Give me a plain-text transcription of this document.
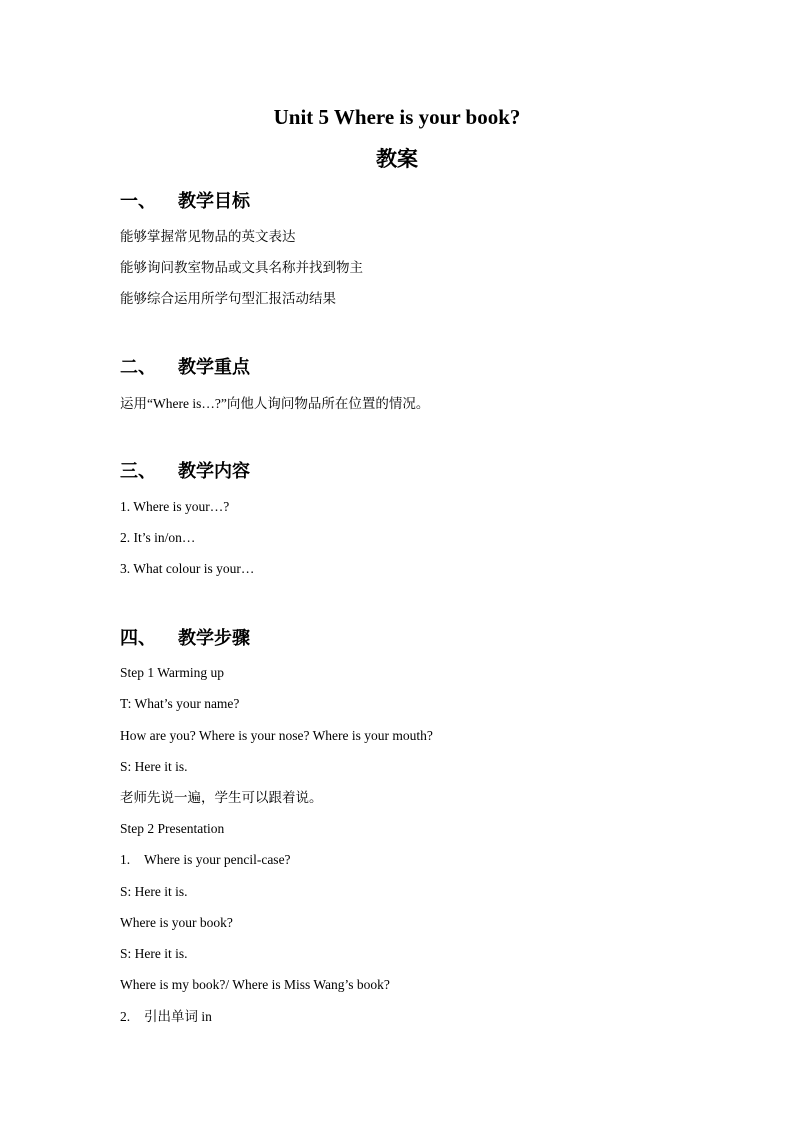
Unit 5 Where is your book?
教案
一、 教学目标
能够掌握常见物品的英文表达
能够询问教室物品或文具名称并找到物主
能够综合运用所学句型汇报活动结果
二、 教学重点
运用“Where is…?”向他人询问物品所在位置的情况。
三、 教学内容
1. Where is your…?
2. It’s in/on…
3. What colour is your…
四、 教学步骤
Step 1 Warming up
T: What’s your name?
How are you? Where is your nose? Where is your mouth?
S: Here it is.
老师先说一遍，学生可以跟着说。
Step 2 Presentation
1. Where is your pencil-case?
S: Here it is.
Where is your book?
S: Here it is.
Where is my book?/ Where is Miss Wang’s book?
2. 引出单词 in
